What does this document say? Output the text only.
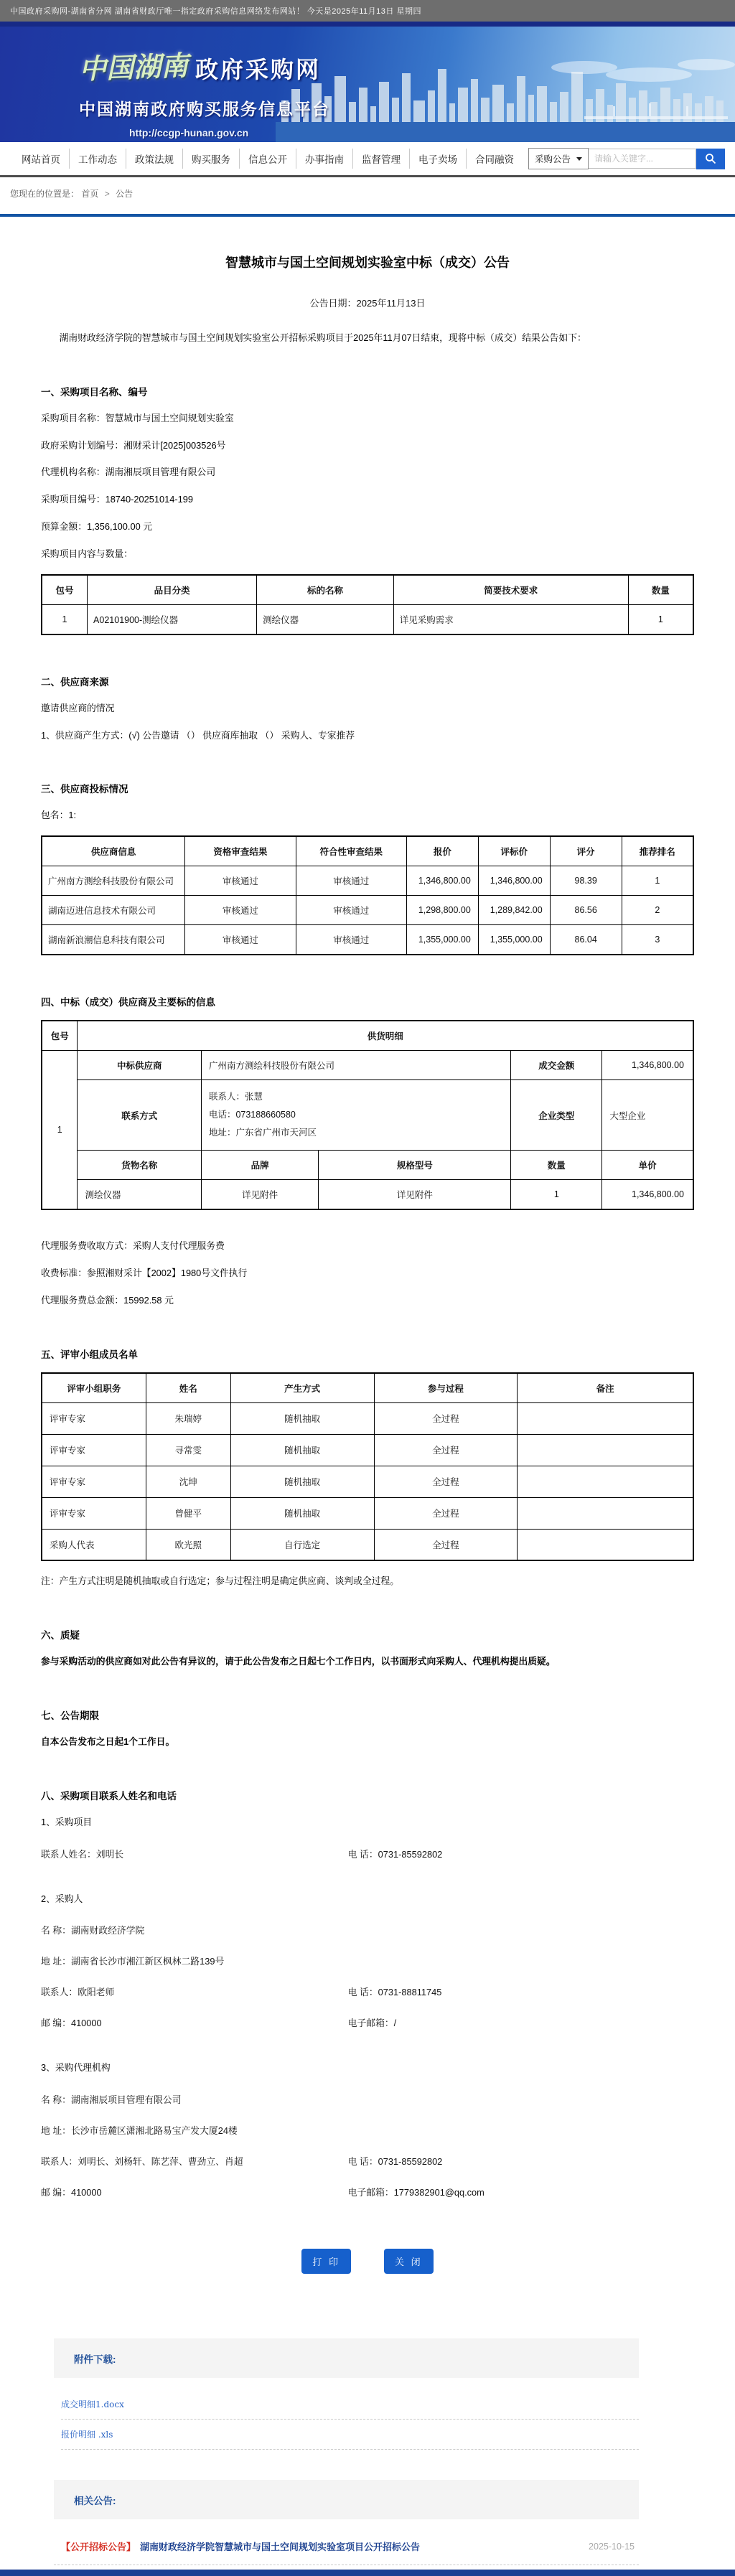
中国政府采购网-湖南省分网 湖南省财政厅唯一指定政府采购信息网络发布网站！ 今天是2025年11月13日 星期四
中国湖南 政府采购网
中国湖南政府购买服务信息平台
http://ccgp-hunan.gov.cn
网站首页	工作动态	政策法规	购买服务	信息公开	办事指南	监督管理	电子卖场	合同融资	采购公告
请输入关键字...
您现在的位置是： 首页 > 公告
智慧城市与国土空间规划实验室中标（成交）公告
公告日期：2025年11月13日

湖南财政经济学院的智慧城市与国土空间规划实验室公开招标采购项目于2025年11月07日结束，现将中标（成交）结果公告如下：

一、采购项目名称、编号

采购项目名称：智慧城市与国土空间规划实验室

政府采购计划编号：湘财采计[2025]003526号

代理机构名称：湖南湘辰项目管理有限公司

采购项目编号：18740-20251014-199

预算金额：1,356,100.00 元

采购项目内容与数量：

包号	品目分类	标的名称	简要技术要求	数量
1	A02101900-测绘仪器	测绘仪器	详见采购需求	1
二、供应商来源

邀请供应商的情况

1、供应商产生方式：(√) 公告邀请 （） 供应商库抽取 （） 采购人、专家推荐

三、供应商投标情况

包名：1:

供应商信息	资格审查结果	符合性审查结果	报价	评标价	评分	推荐排名
广州南方测绘科技股份有限公司	审核通过	审核通过	1,346,800.00	1,346,800.00	98.39	1
湖南迈进信息技术有限公司	审核通过	审核通过	1,298,800.00	1,289,842.00	86.56	2
湖南新浪潮信息科技有限公司	审核通过	审核通过	1,355,000.00	1,355,000.00	86.04	3
四、中标（成交）供应商及主要标的信息
包号	供货明细				
1	中标供应商	广州南方测绘科技股份有限公司		成交金额	1,346,800.00
	联系方式	联系人：张慧
电话：073188660580
地址：广东省广州市天河区		企业类型	大型企业
	货物名称	品牌	规格型号	数量	单价
	测绘仪器	详见附件	详见附件	1	1,346,800.00

代理服务费收取方式：采购人支付代理服务费

收费标准：参照湘财采计【2002】1980号文件执行

代理服务费总金额：15992.58 元

五、评审小组成员名单
评审小组职务	姓名	产生方式	参与过程	备注
评审专家	朱瑞婷	随机抽取	全过程	
评审专家	寻常雯	随机抽取	全过程	
评审专家	沈坤	随机抽取	全过程	
评审专家	曾健平	随机抽取	全过程	
采购人代表	欧光照	自行选定	全过程	

注：产生方式注明是随机抽取或自行选定；参与过程注明是确定供应商、谈判或全过程。

六、质疑

参与采购活动的供应商如对此公告有异议的，请于此公告发布之日起七个工作日内，以书面形式向采购人、代理机构提出质疑。

七、公告期限

自本公告发布之日起1个工作日。

八、采购项目联系人姓名和电话

1、采购项目

联系人姓名：刘明长	电 话：0731-85592802

2、采购人

名 称：湖南财政经济学院
地 址：湖南省长沙市湘江新区枫林二路139号
联系人：欧阳老师	电 话：0731-88811745
邮 编：410000	电子邮箱：/

3、采购代理机构

名 称：湖南湘辰项目管理有限公司
地 址：长沙市岳麓区潇湘北路易宝产发大厦24楼
联系人：刘明长、刘杨轩、陈艺萍、曹劲立、肖超	电 话：0731-85592802
邮 编：410000	电子邮箱：1779382901@qq.com
打 印	关 闭
附件下载:
成交明细1.docx
报价明细 .xls
相关公告:
【公开招标公告】 湖南财政经济学院智慧城市与国土空间规划实验室项目公开招标公告	2025-10-15
